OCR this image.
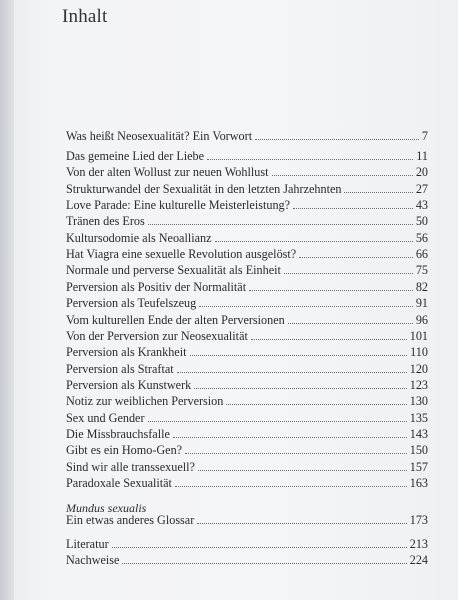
Inhalt
Was heißt Neosexualität? Ein Vorwort	7
Das gemeine Lied der Liebe	11
Von der alten Wollust zur neuen Wohllust	20
Strukturwandel der Sexualität in den letzten Jahrzehnten	27
Love Parade: Eine kulturelle Meisterleistung?	43
Tränen des Eros	50
Kultursodomie als Neoallianz	56
Hat Viagra eine sexuelle Revolution ausgelöst?	66
Normale und perverse Sexualität als Einheit	75
Perversion als Positiv der Normalität	82
Perversion als Teufelszeug	91
Vom kulturellen Ende der alten Perversionen	96
Von der Perversion zur Neosexualität	101
Perversion als Krankheit	110
Perversion als Straftat	120
Perversion als Kunstwerk	123
Notiz zur weiblichen Perversion	130
Sex und Gender	135
Die Missbrauchsfalle	143
Gibt es ein Homo-Gen?	150
Sind wir alle transsexuell?	157
Paradoxale Sexualität	163
Mundus sexualis
Ein etwas anderes Glossar	173
Literatur	213
Nachweise	224
